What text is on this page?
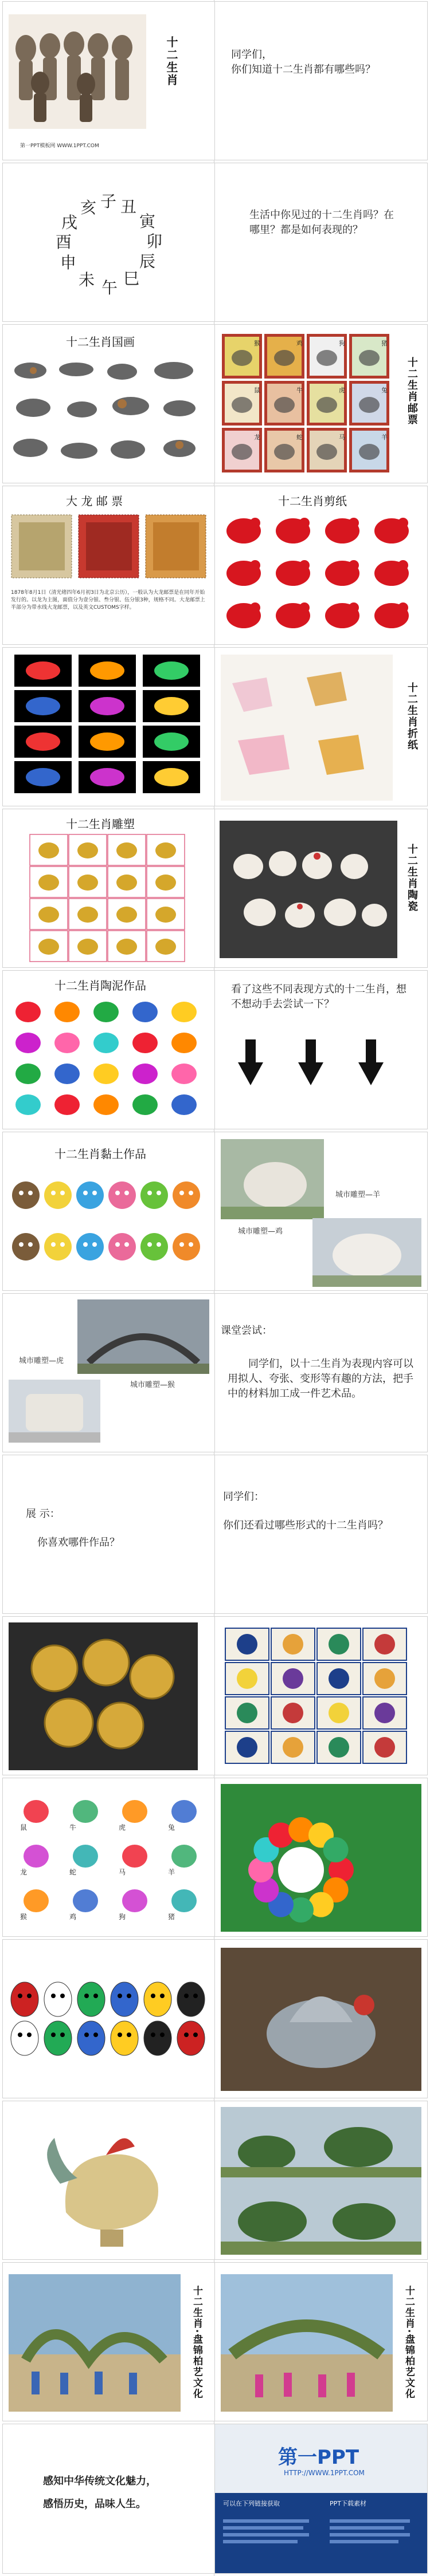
十二生肖
第一PPT模板网 WWW.1PPT.COM
同学们，
你们知道十二生肖都有哪些吗？
子 丑
寅
卯
辰
巳
午
未
申
酉
戌
亥	生活中你见过的十二生肖吗？在哪里？都是如何表现的？
十二生肖国画	猴	鸡	狗	猪
鼠	牛	虎	兔
龙	蛇	马	羊
十二生肖邮票
大 龙 邮 票
1878年8月1日（清光绪四年6月初3日为北京公历），一般认为大龙邮票是在同年开始发行的。以龙为主图，面值分为壹分银、叁分银、伍分银3种，规格不同。大龙邮票上半部分为带水线大龙邮票，以及英文CUSTOMS字样。
十二生肖剪纸
十二生肖折纸
十二生肖雕塑
十二生肖陶瓷
十二生肖陶泥作品	看了这些不同表现方式的十二生肖，想不想动手去尝试一下？
十二生肖黏土作品
城市雕塑—羊
城市雕塑—鸡
城市雕塑—虎
城市雕塑—猴
课堂尝试：
同学们，以十二生肖为表现内容可以用拟人、夸张、变形等有趣的方法，把手中的材料加工成一件艺术品。
展 示：
你喜欢哪件作品？
同学们：
你们还看过哪些形式的十二生肖吗？
鼠	牛	虎	兔
龙	蛇	马	羊
猴	鸡	狗	猪
十二生肖·盘锦柏艺文化	十二生肖·盘锦柏艺文化
感知中华传统文化魅力，
感悟历史，品味人生。
第一PPT
HTTP://WWW.1PPT.COM
可以在下列链接获取	PPT下载素材
